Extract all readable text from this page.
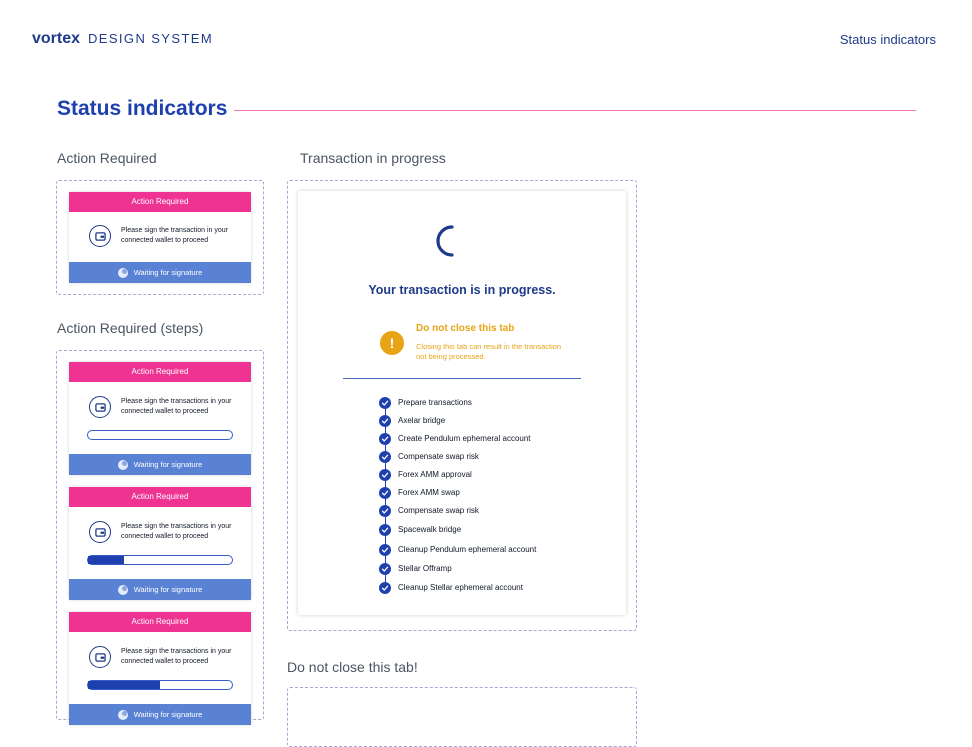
vortex DESIGN SYSTEM	Status indicators
Status indicators
Action Required
Action Required
Please sign the transaction in your connected wallet to proceed
Waiting for signature
Action Required (steps)
Action Required
Please sign the transactions in your connected wallet to proceed
Waiting for signature
Action Required
Please sign the transactions in your connected wallet to proceed
Waiting for signature
Action Required
Please sign the transactions in your connected wallet to proceed
Waiting for signature
Transaction in progress
Your transaction is in progress.
!
Do not close this tab
Closing this tab can result in the transaction not being processed.
Prepare transactions
Axelar bridge
Create Pendulum ephemeral account
Compensate swap risk
Forex AMM approval
Forex AMM swap
Compensate swap risk
Spacewalk bridge
Cleanup Pendulum ephemeral account
Stellar Offramp
Cleanup Stellar ephemeral account
Do not close this tab!
